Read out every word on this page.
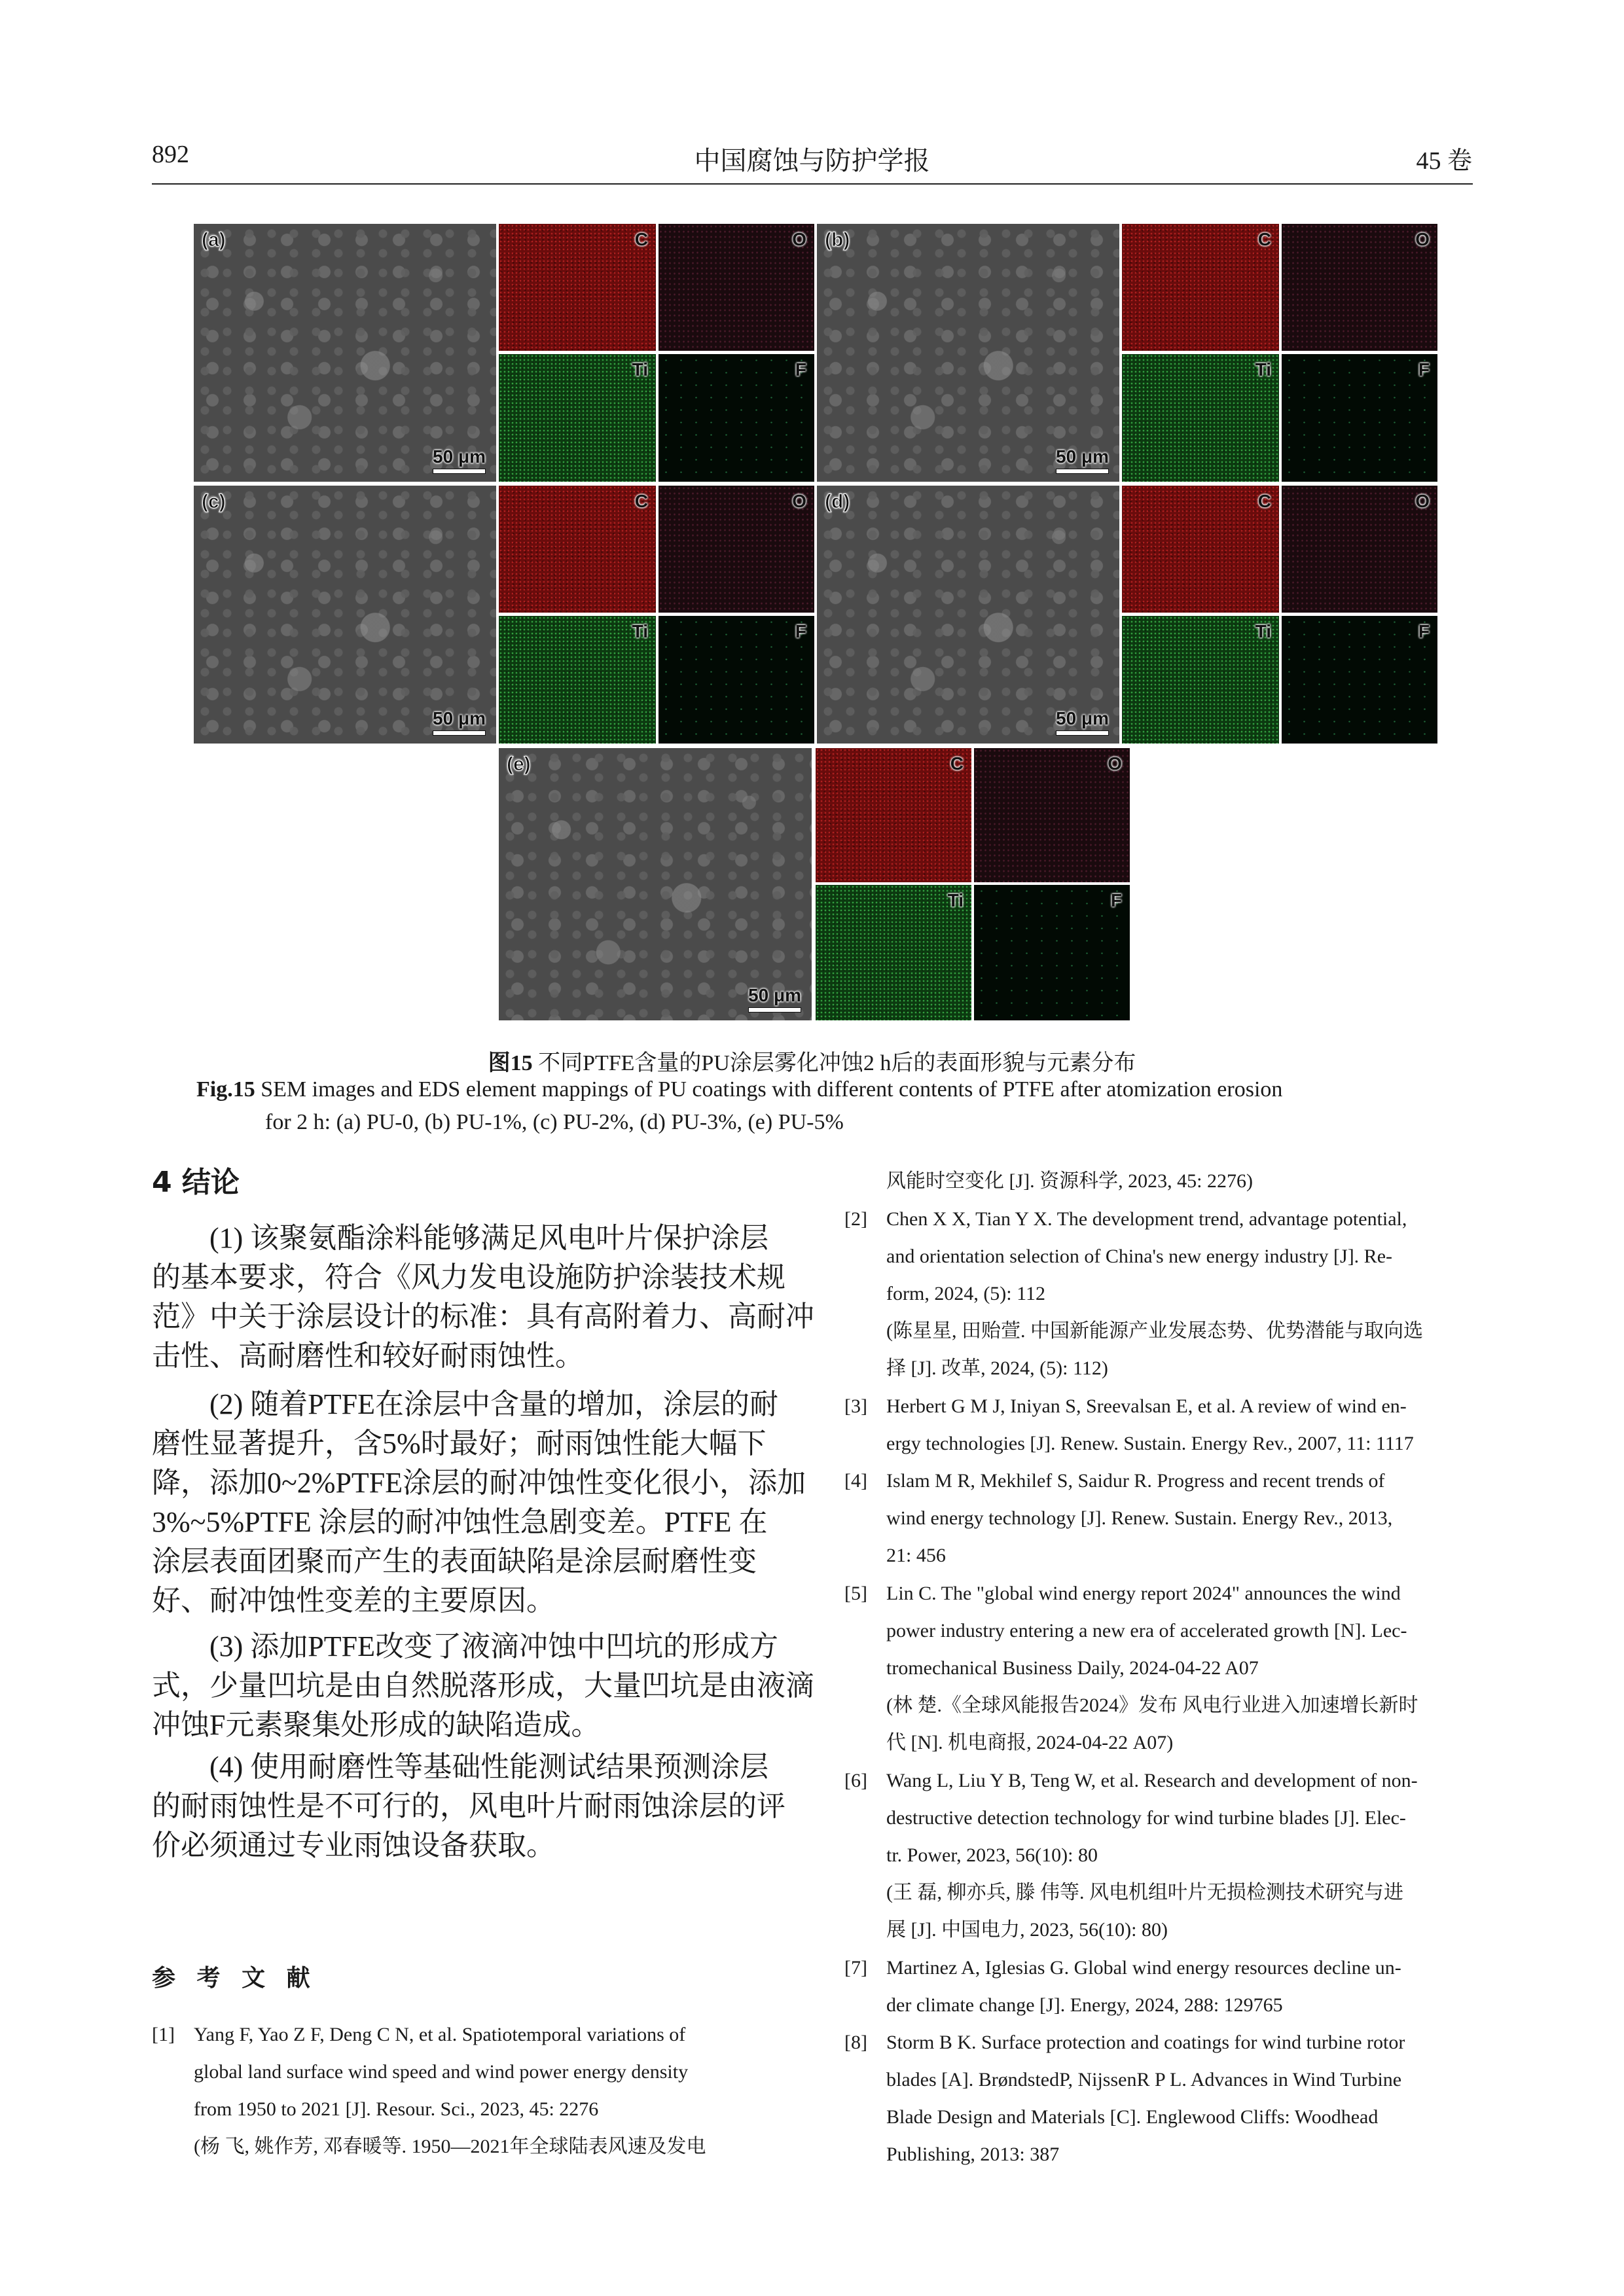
892	中国腐蚀与防护学报	45 卷
(a)
50 μm
C	O
Ti	F
(b)
50 μm
C	O
Ti	F
(c)
50 μm
C	O
Ti	F
(d)
50 μm
C	O
Ti	F
(e)
50 μm
C	O
Ti	F
图15 不同PTFE含量的PU涂层雾化冲蚀2 h后的表面形貌与元素分布
Fig.15 SEM images and EDS element mappings of PU coatings with different contents of PTFE after atomization erosion
for 2 h: (a) PU-0, (b) PU-1%, (c) PU-2%, (d) PU-3%, (e) PU-5%
4 结论
(1) 该聚氨酯涂料能够满足风电叶片保护涂层
的基本要求，符合《风力发电设施防护涂装技术规
范》中关于涂层设计的标准：具有高附着力、高耐冲
击性、高耐磨性和较好耐雨蚀性。
(2) 随着PTFE在涂层中含量的增加，涂层的耐
磨性显著提升，含5%时最好；耐雨蚀性能大幅下
降，添加0~2%PTFE涂层的耐冲蚀性变化很小，添加
3%~5%PTFE 涂层的耐冲蚀性急剧变差。PTFE 在
涂层表面团聚而产生的表面缺陷是涂层耐磨性变
好、耐冲蚀性变差的主要原因。
(3) 添加PTFE改变了液滴冲蚀中凹坑的形成方
式，少量凹坑是由自然脱落形成，大量凹坑是由液滴
冲蚀F元素聚集处形成的缺陷造成。
(4) 使用耐磨性等基础性能测试结果预测涂层
的耐雨蚀性是不可行的，风电叶片耐雨蚀涂层的评
价必须通过专业雨蚀设备获取。
参 考 文 献
[1] Yang F, Yao Z F, Deng C N, et al. Spatiotemporal variations of
global land surface wind speed and wind power energy density
from 1950 to 2021 [J]. Resour. Sci., 2023, 45: 2276
(杨 飞, 姚作芳, 邓春暖等. 1950—2021年全球陆表风速及发电
风能时空变化 [J]. 资源科学, 2023, 45: 2276)
[2] Chen X X, Tian Y X. The development trend, advantage potential,
and orientation selection of China's new energy industry [J]. Re-
form, 2024, (5): 112
(陈星星, 田贻萱. 中国新能源产业发展态势、优势潜能与取向选
择 [J]. 改革, 2024, (5): 112)
[3] Herbert G M J, Iniyan S, Sreevalsan E, et al. A review of wind en-
ergy technologies [J]. Renew. Sustain. Energy Rev., 2007, 11: 1117
[4] Islam M R, Mekhilef S, Saidur R. Progress and recent trends of
wind energy technology [J]. Renew. Sustain. Energy Rev., 2013,
21: 456
[5] Lin C. The "global wind energy report 2024" announces the wind
power industry entering a new era of accelerated growth [N]. Lec-
tromechanical Business Daily, 2024-04-22 A07
(林 楚.《全球风能报告2024》发布 风电行业进入加速增长新时
代 [N]. 机电商报, 2024-04-22 A07)
[6] Wang L, Liu Y B, Teng W, et al. Research and development of non-
destructive detection technology for wind turbine blades [J]. Elec-
tr. Power, 2023, 56(10): 80
(王 磊, 柳亦兵, 滕 伟等. 风电机组叶片无损检测技术研究与进
展 [J]. 中国电力, 2023, 56(10): 80)
[7] Martinez A, Iglesias G. Global wind energy resources decline un-
der climate change [J]. Energy, 2024, 288: 129765
[8] Storm B K. Surface protection and coatings for wind turbine rotor
blades [A]. BrøndstedP, NijssenR P L. Advances in Wind Turbine
Blade Design and Materials [C]. Englewood Cliffs: Woodhead
Publishing, 2013: 387
